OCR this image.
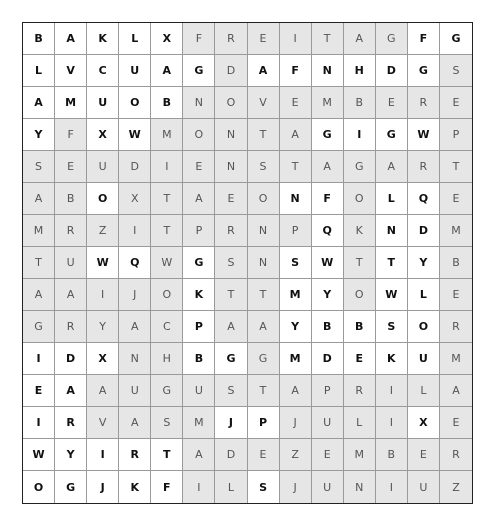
B	A	K	L	X	F	R	E	I	T	A	G	F	G
L	V	C	U	A	G	D	A	F	N	H	D	G	S
A	M	U	O	B	N	O	V	E	M	B	E	R	E
Y	F	X	W	M	O	N	T	A	G	I	G	W	P
S	E	U	D	I	E	N	S	T	A	G	A	R	T
A	B	O	X	T	A	E	O	N	F	O	L	Q	E
M	R	Z	I	T	P	R	N	P	Q	K	N	D	M
T	U	W	Q	W	G	S	N	S	W	T	T	Y	B
A	A	I	J	O	K	T	T	M	Y	O	W	L	E
G	R	Y	A	C	P	A	A	Y	B	B	S	O	R
I	D	X	N	H	B	G	G	M	D	E	K	U	M
E	A	A	U	G	U	S	T	A	P	R	I	L	A
I	R	V	A	S	M	J	P	J	U	L	I	X	E
W	Y	I	R	T	A	D	E	Z	E	M	B	E	R
O	G	J	K	F	I	L	S	J	U	N	I	U	Z
